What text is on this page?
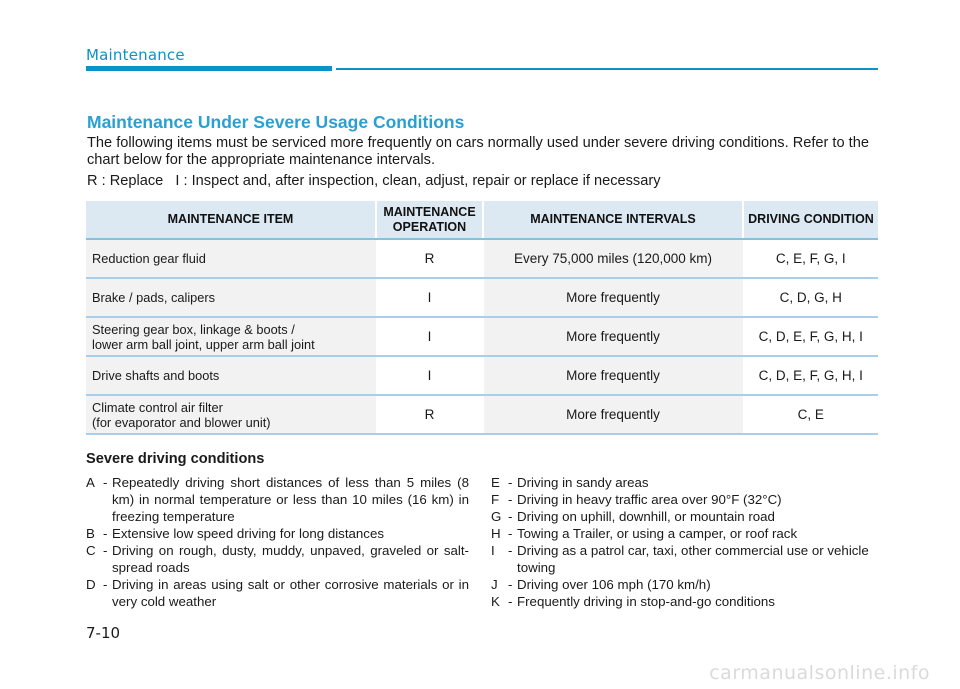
Maintenance
Maintenance Under Severe Usage Conditions
The following items must be serviced more frequently on cars normally used under severe driving conditions. Refer to the chart below for the appropriate maintenance intervals.
R : Replace   I : Inspect and, after inspection, clean, adjust, repair or replace if necessary
MAINTENANCE ITEM	MAINTENANCE OPERATION	MAINTENANCE INTERVALS	DRIVING CONDITION
Reduction gear fluid	R	Every 75,000 miles (120,000 km)	C, E, F, G, I
Brake / pads, calipers	I	More frequently	C, D, G, H
Steering gear box, linkage & boots /
lower arm ball joint, upper arm ball joint	I	More frequently	C, D, E, F, G, H, I
Drive shafts and boots	I	More frequently	C, D, E, F, G, H, I
Climate control air filter
(for evaporator and blower unit)	R	More frequently	C, E
Severe driving conditions
A - Repeatedly driving short distances of less than 5 miles (8 km) in normal temperature or less than 10 miles (16 km) in freezing temperature
B - Extensive low speed driving for long distances
C - Driving on rough, dusty, muddy, unpaved, graveled or salt-spread roads
D - Driving in areas using salt or other corrosive materials or in very cold weather
E - Driving in sandy areas
F - Driving in heavy traffic area over 90°F (32°C)
G - Driving on uphill, downhill, or mountain road
H - Towing a Trailer, or using a camper, or roof rack
I - Driving as a patrol car, taxi, other commercial use or vehicle towing
J - Driving over 106 mph (170 km/h)
K - Frequently driving in stop-and-go conditions
7-10
carmanualsonline.info
